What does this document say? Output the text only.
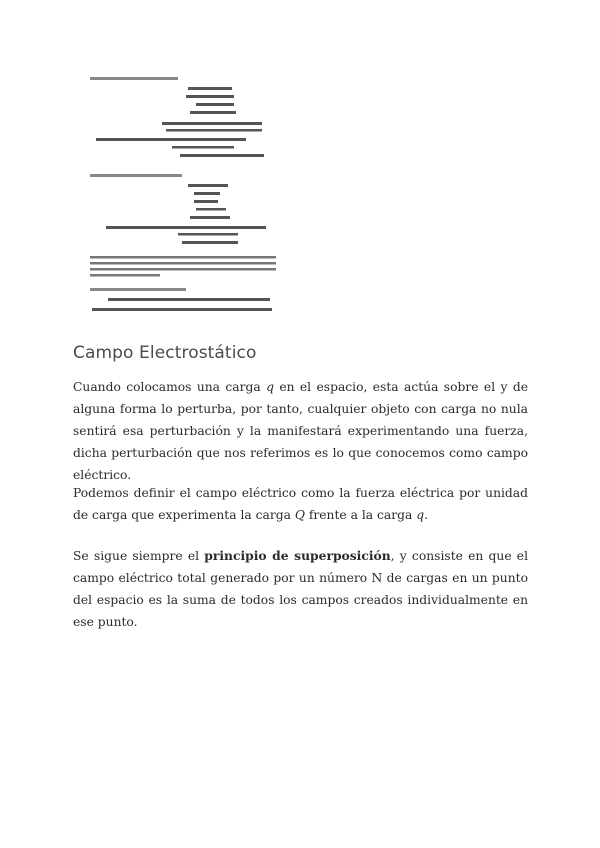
Campo Electrostático

Cuando colocamos una carga q en el espacio, esta actúa sobre el y de alguna forma lo perturba, por tanto, cualquier objeto con carga no nula sentirá esa perturbación y la manifestará experimentando una fuerza, dicha perturbación que nos referimos es lo que conocemos como campo eléctrico.

Podemos definir el campo eléctrico como la fuerza eléctrica por unidad de carga que experimenta la carga Q frente a la carga q.

Se sigue siempre el principio de superposición, y consiste en que el campo eléctrico total generado por un número N de cargas en un punto del espacio es la suma de todos los campos creados individualmente en ese punto.
